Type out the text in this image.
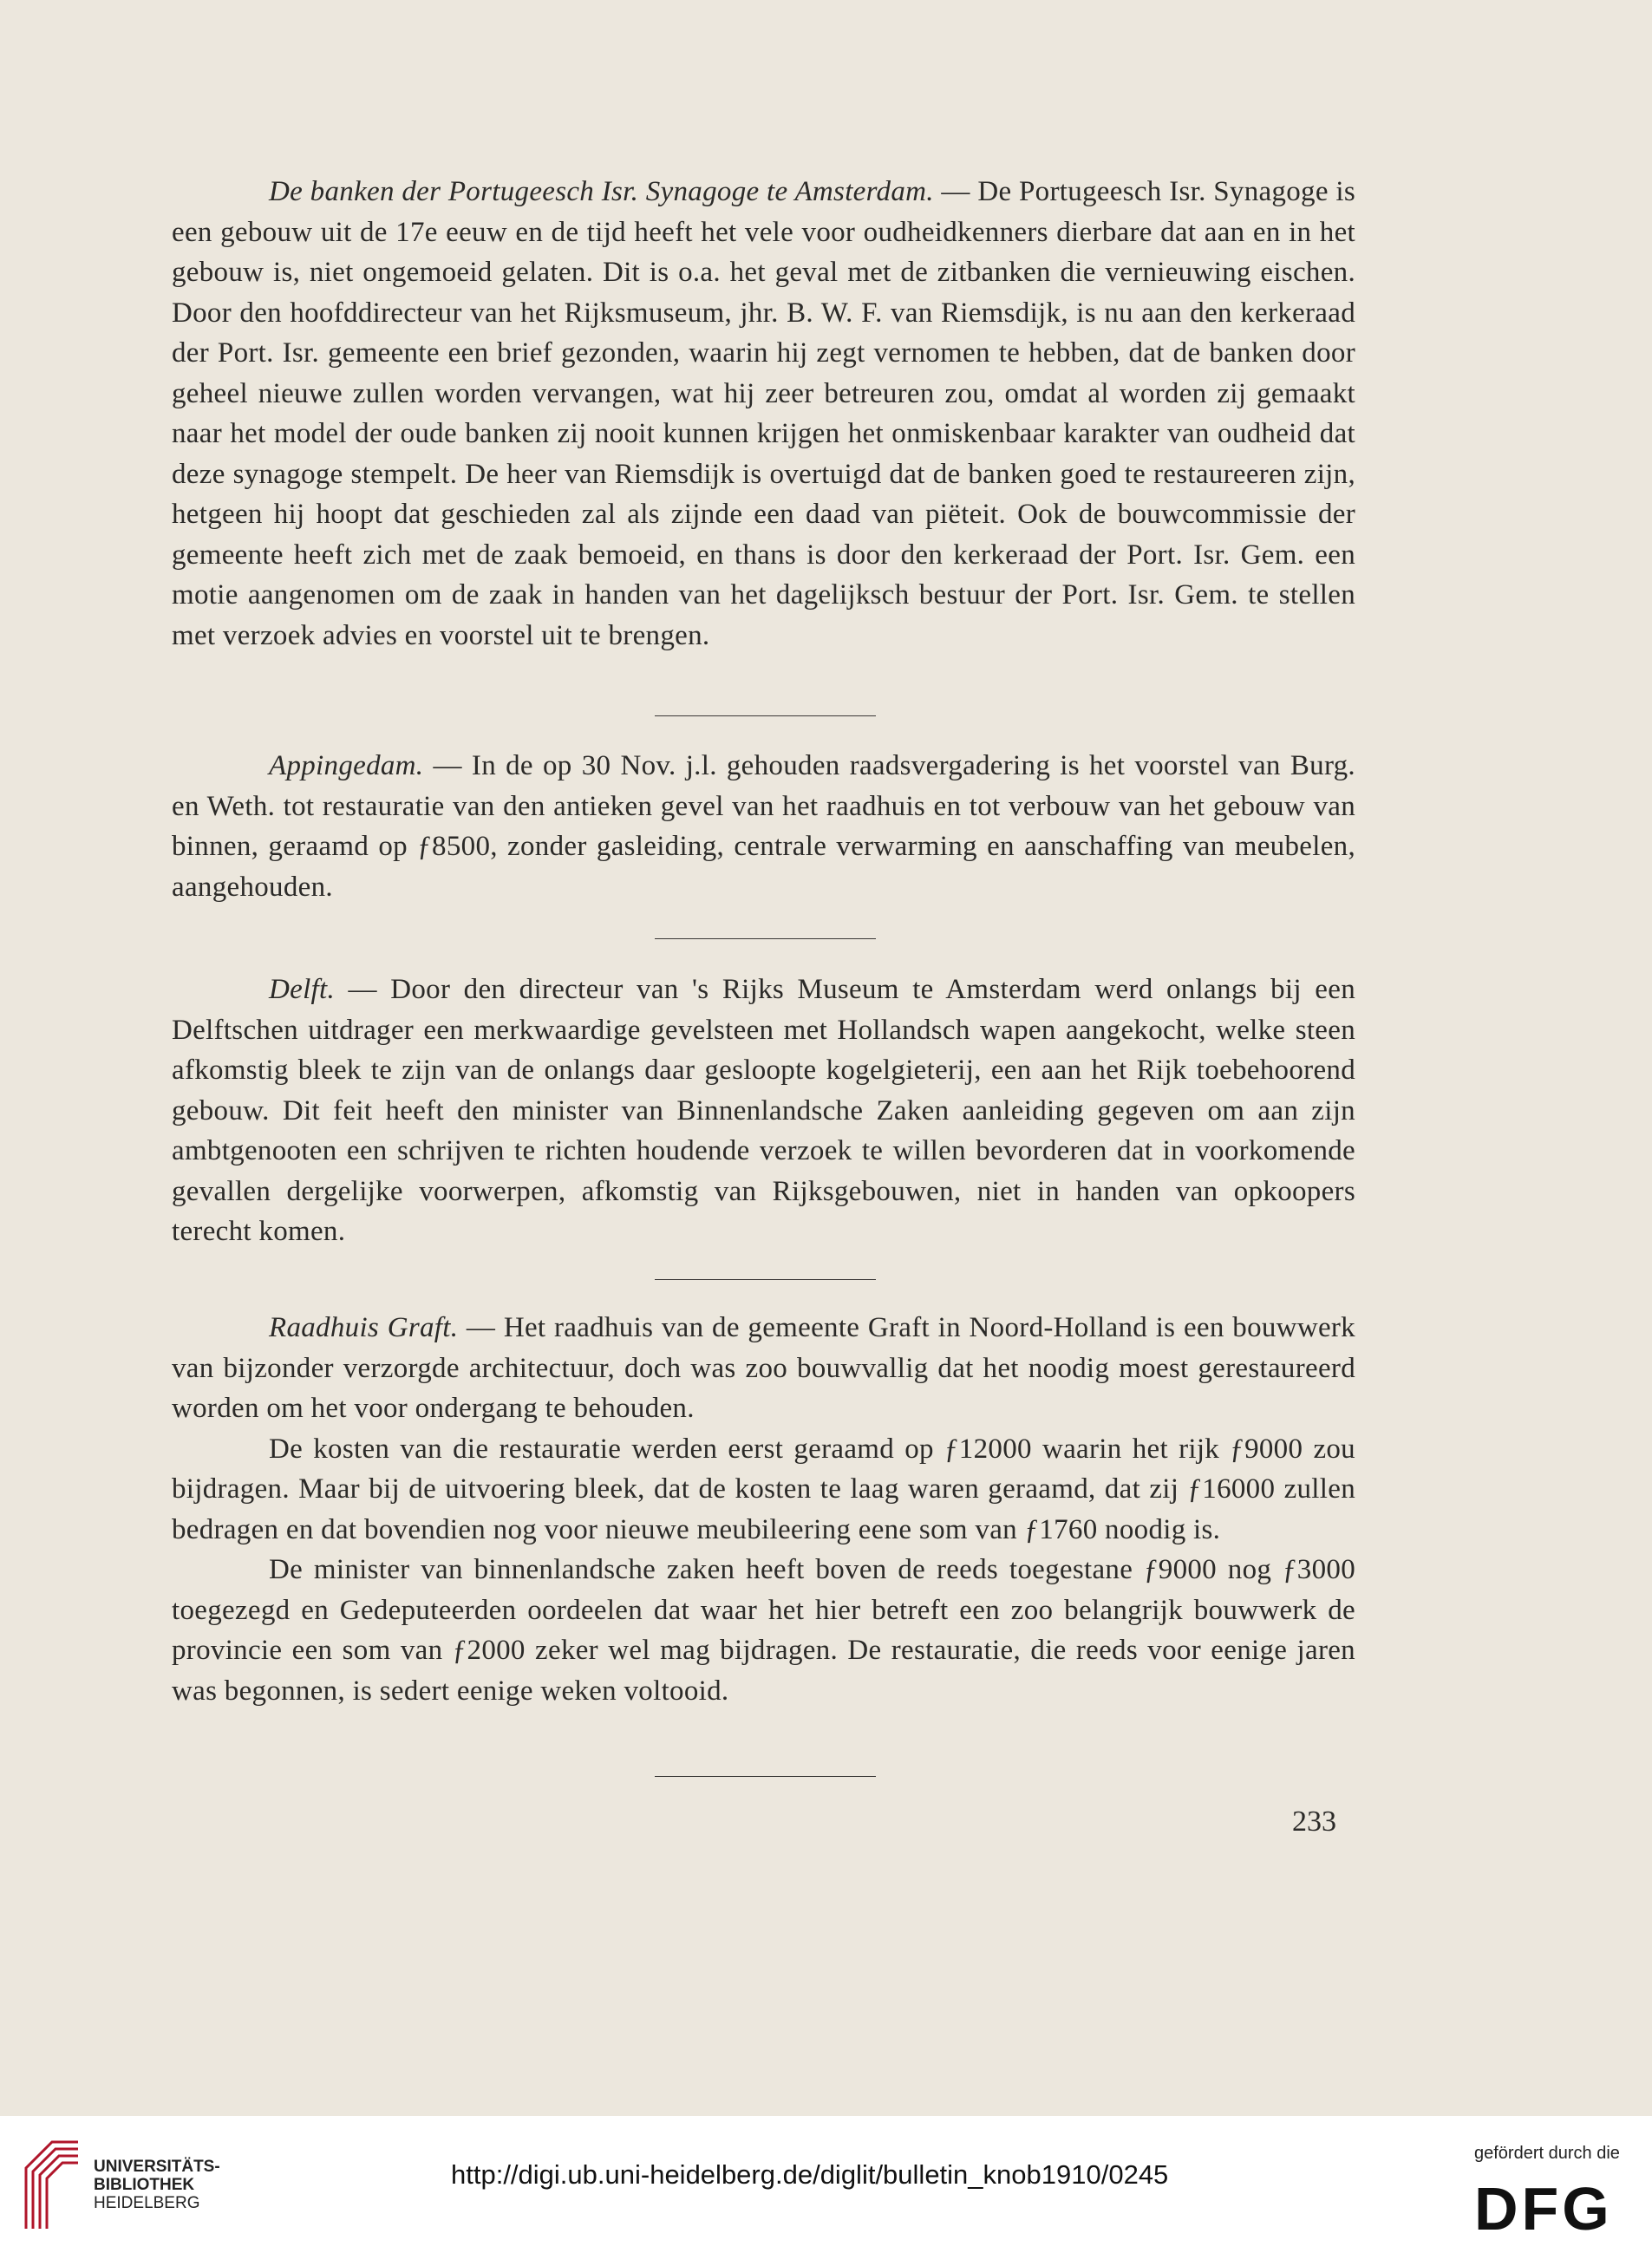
De banken der Portugeesch Isr. Synagoge te Amsterdam. — De Portugeesch Isr. Synagoge is een gebouw uit de 17e eeuw en de tijd heeft het vele voor oudheidkenners dierbare dat aan en in het gebouw is, niet ongemoeid gelaten. Dit is o.a. het geval met de zitbanken die vernieuwing eischen. Door den hoofddirecteur van het Rijksmuseum, jhr. B. W. F. van Riemsdijk, is nu aan den kerkeraad der Port. Isr. gemeente een brief gezonden, waarin hij zegt vernomen te hebben, dat de banken door geheel nieuwe zullen worden vervangen, wat hij zeer betreuren zou, omdat al worden zij gemaakt naar het model der oude banken zij nooit kunnen krijgen het onmiskenbaar karakter van oudheid dat deze synagoge stempelt. De heer van Riemsdijk is overtuigd dat de banken goed te restaureeren zijn, hetgeen hij hoopt dat geschieden zal als zijnde een daad van piëteit. Ook de bouwcommissie der gemeente heeft zich met de zaak bemoeid, en thans is door den kerkeraad der Port. Isr. Gem. een motie aangenomen om de zaak in handen van het dagelijksch bestuur der Port. Isr. Gem. te stellen met verzoek advies en voorstel uit te brengen.

Appingedam. — In de op 30 Nov. j.l. gehouden raadsvergadering is het voorstel van Burg. en Weth. tot restauratie van den antieken gevel van het raadhuis en tot verbouw van het gebouw van binnen, geraamd op ƒ8500, zonder gasleiding, centrale verwarming en aanschaffing van meubelen, aangehouden.

Delft. — Door den directeur van 's Rijks Museum te Amsterdam werd onlangs bij een Delftschen uitdrager een merkwaardige gevelsteen met Hollandsch wapen aangekocht, welke steen afkomstig bleek te zijn van de onlangs daar gesloopte kogelgieterij, een aan het Rijk toebehoorend gebouw. Dit feit heeft den minister van Binnenlandsche Zaken aanleiding gegeven om aan zijn ambtgenooten een schrijven te richten houdende verzoek te willen bevorderen dat in voorkomende gevallen dergelijke voorwerpen, afkomstig van Rijksgebouwen, niet in handen van opkoopers terecht komen.

Raadhuis Graft. — Het raadhuis van de gemeente Graft in Noord-Holland is een bouwwerk van bijzonder verzorgde architectuur, doch was zoo bouwvallig dat het noodig moest gerestaureerd worden om het voor ondergang te behouden.

De kosten van die restauratie werden eerst geraamd op ƒ12000 waarin het rijk ƒ9000 zou bijdragen. Maar bij de uitvoering bleek, dat de kosten te laag waren geraamd, dat zij ƒ16000 zullen bedragen en dat bovendien nog voor nieuwe meubileering eene som van ƒ1760 noodig is.

De minister van binnenlandsche zaken heeft boven de reeds toegestane ƒ9000 nog ƒ3000 toegezegd en Gedeputeerden oordeelen dat waar het hier betreft een zoo belangrijk bouwwerk de provincie een som van ƒ2000 zeker wel mag bijdragen. De restauratie, die reeds voor eenige jaren was begonnen, is sedert eenige weken voltooid.

233
UNIVERSITÄTS-
BIBLIOTHEK
HEIDELBERG
http://digi.ub.uni-heidelberg.de/diglit/bulletin_knob1910/0245
gefördert durch die
DFG
